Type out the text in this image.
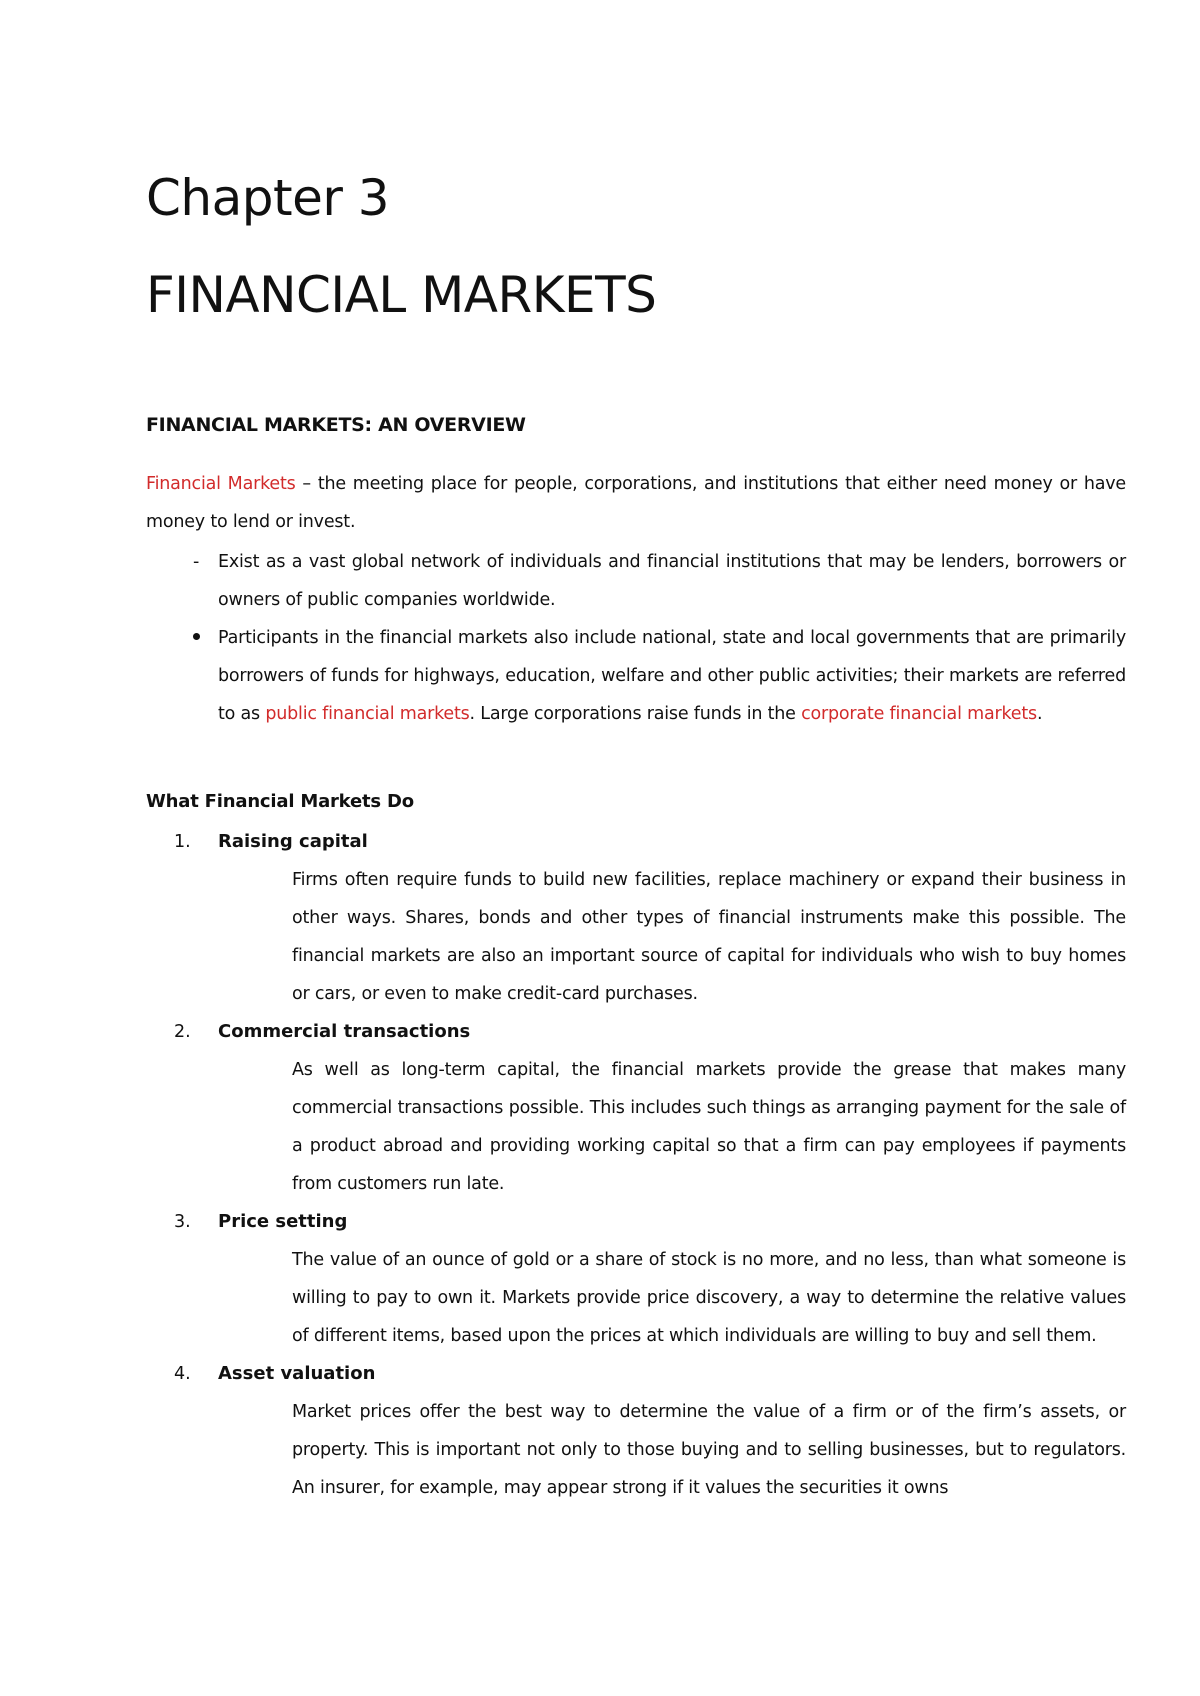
Chapter 3
FINANCIAL MARKETS
FINANCIAL MARKETS: AN OVERVIEW
Financial Markets – the meeting place for people, corporations, and institutions that either need money or have money to lend or invest.
-	Exist as a vast global network of individuals and financial institutions that may be lenders, borrowers or owners of public companies worldwide.
Participants in the financial markets also include national, state and local governments that are primarily borrowers of funds for highways, education, welfare and other public activities; their markets are referred to as public financial markets. Large corporations raise funds in the corporate financial markets.
What Financial Markets Do
1. Raising capital
Firms often require funds to build new facilities, replace machinery or expand their business in other ways. Shares, bonds and other types of financial instruments make this possible. The financial markets are also an important source of capital for individuals who wish to buy homes or cars, or even to make credit-card purchases.
2. Commercial transactions
As well as long-term capital, the financial markets provide the grease that makes many commercial transactions possible. This includes such things as arranging payment for the sale of a product abroad and providing working capital so that a firm can pay employees if payments from customers run late.
3. Price setting
The value of an ounce of gold or a share of stock is no more, and no less, than what someone is willing to pay to own it. Markets provide price discovery, a way to determine the relative values of different items, based upon the prices at which individuals are willing to buy and sell them.
4. Asset valuation
Market prices offer the best way to determine the value of a firm or of the firm’s assets, or property. This is important not only to those buying and to selling businesses, but to regulators. An insurer, for example, may appear strong if it values the securities it owns
